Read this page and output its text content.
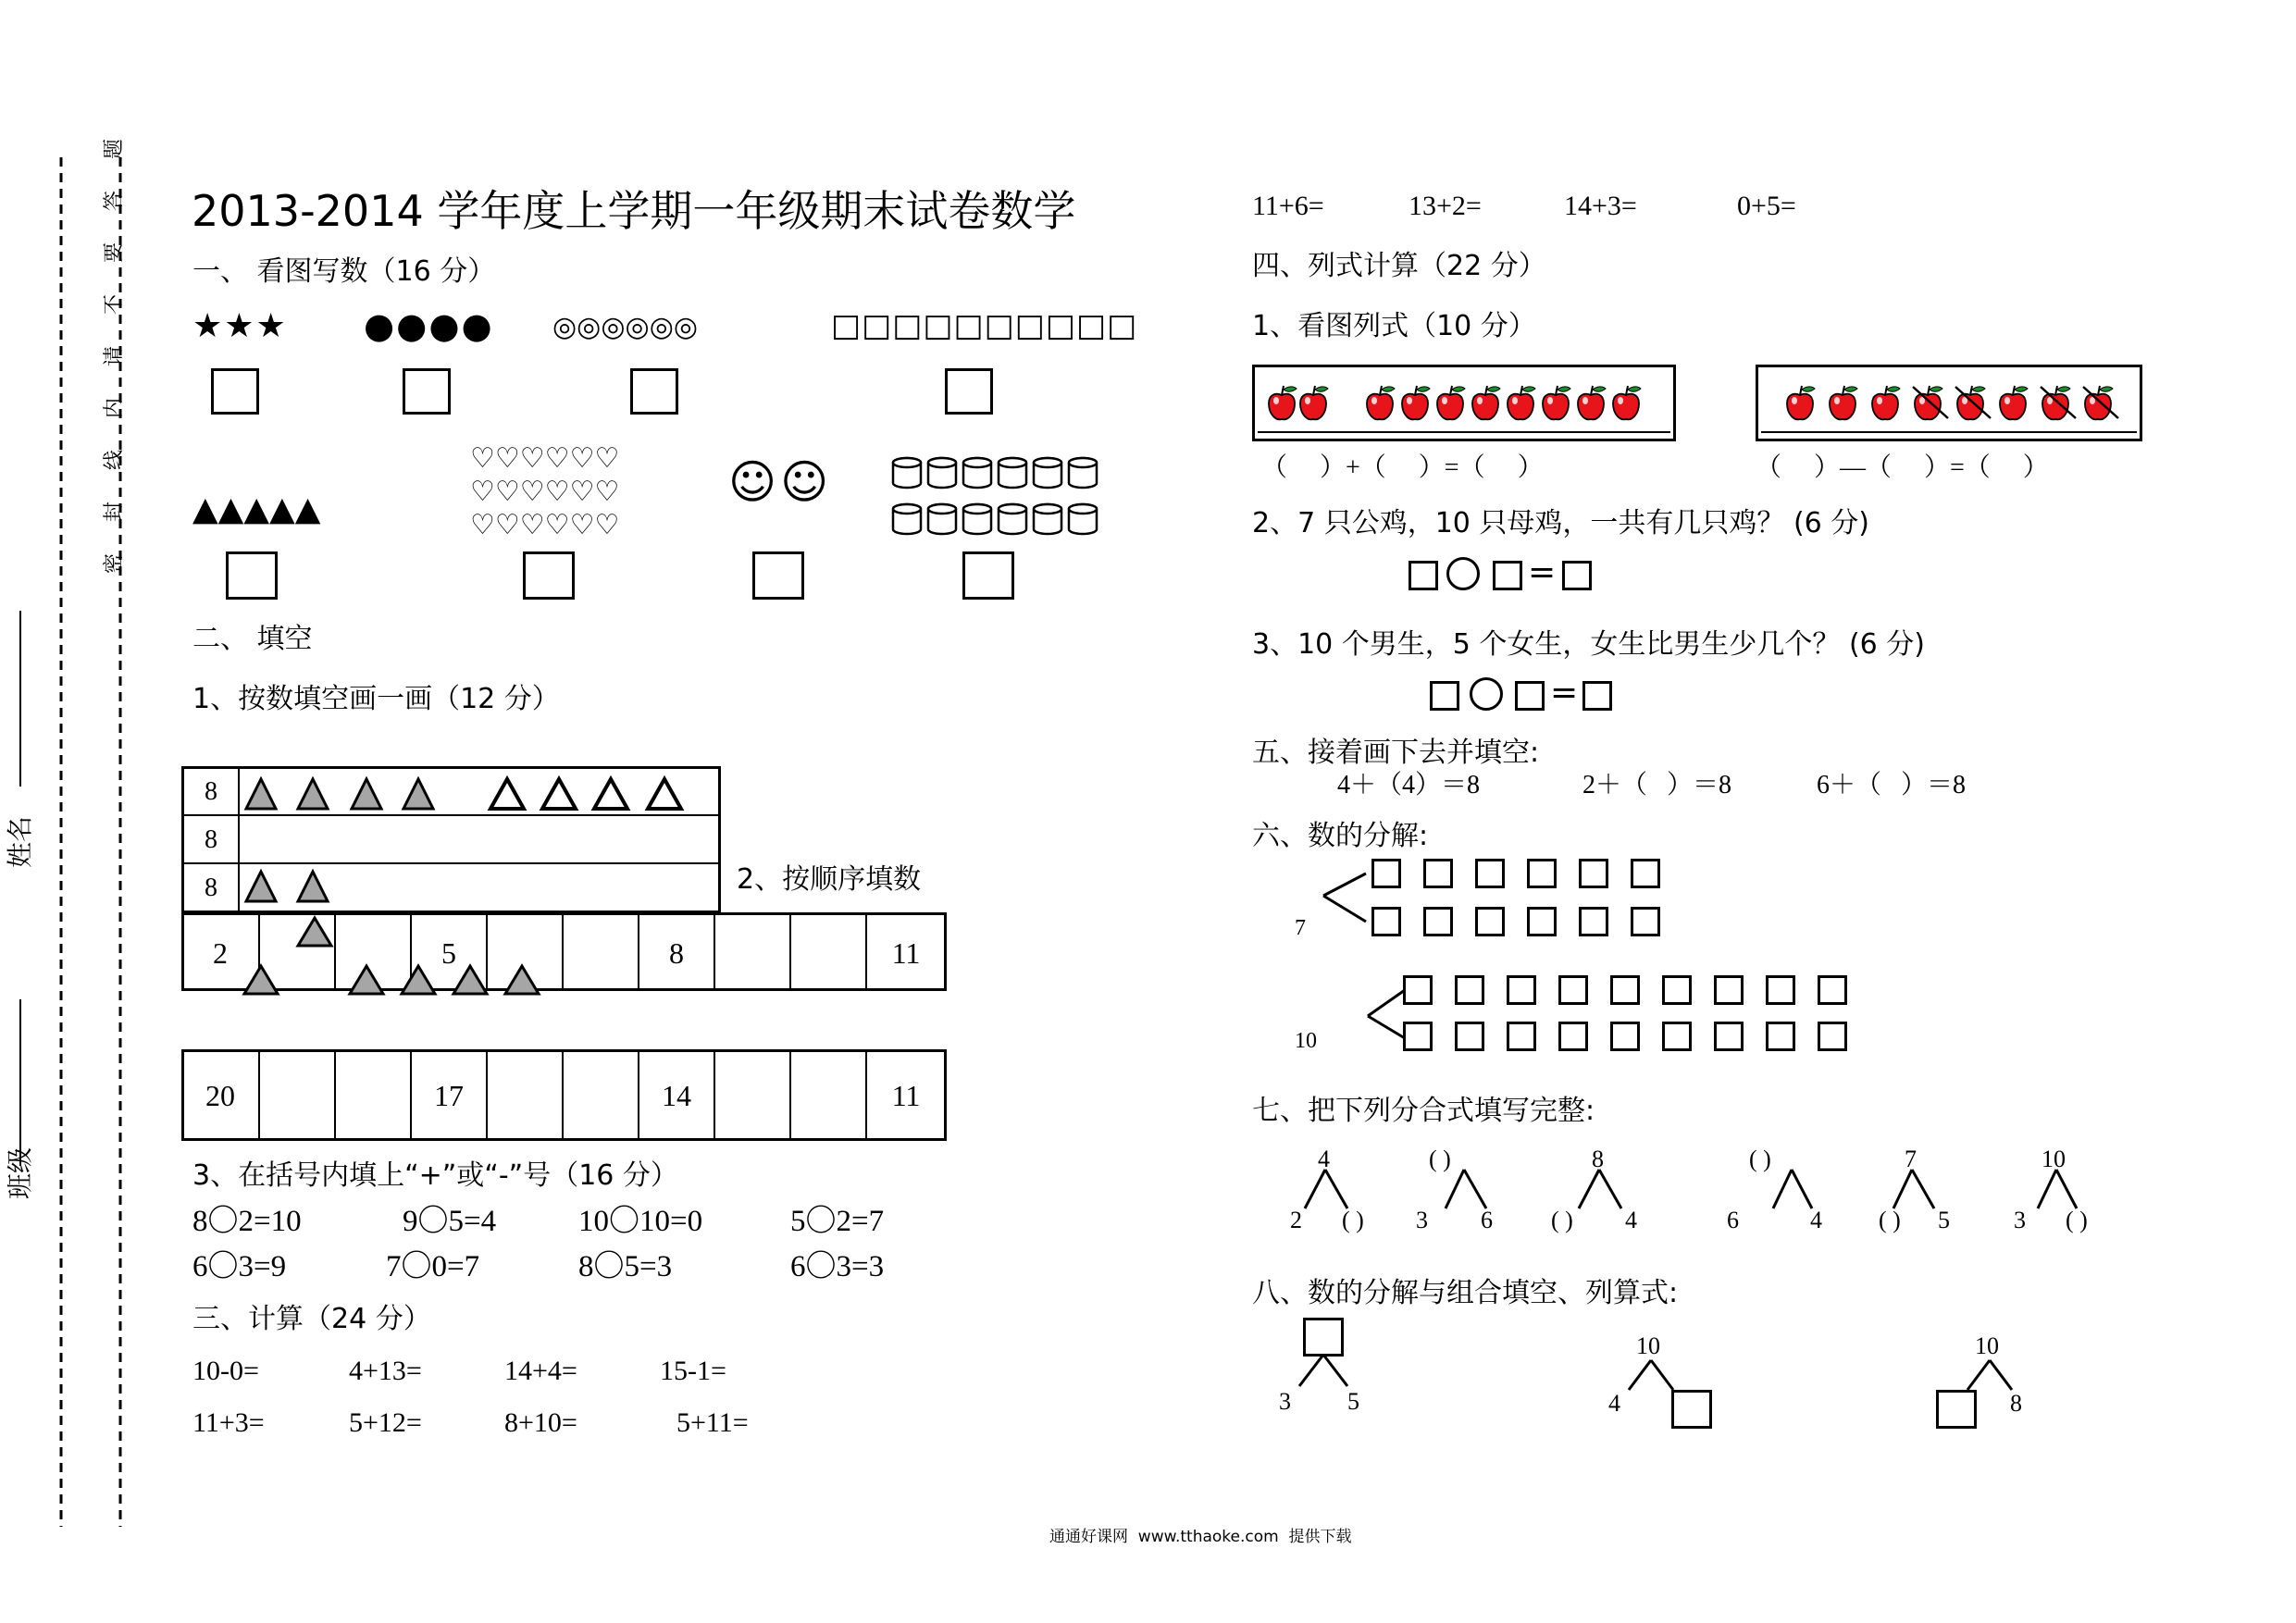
姓名
班级
密
封
线
内
请
不
要
答
题
2013-2014 学年度上学期一年级期末试卷数学
一、 看图写数（16 分）
★★★ ●●●● ◎◎◎◎◎◎	□□□□□□□□□□
▲▲▲▲▲
♡♡♡♡♡♡
♡♡♡♡♡♡
♡♡♡♡♡♡
☺☺
二、 填空
1、按数填空画一画（12 分）
8
8
8	2、按顺序填数
2	5	8	11
20	17	14	11
3、在括号内填上“+”或“-”号（16 分）
8〇2=10	9〇5=4	10〇10=0	5〇2=7
6〇3=9	7〇0=7	8〇5=3	6〇3=3
三、计算（24 分）
10-0=	4+13=	14+4=	15-1=
11+3=	5+12=	8+10=	5+11=
11+6=	13+2=	14+3=	0+5=
四、列式计算（22 分）
1、看图列式（10 分）
（     ）+（     ）=（     ）	（     ）—（     ）=（     ）
2、7 只公鸡，10 只母鸡，一共有几只鸡？ (6 分)
=
3、10 个男生，5 个女生，女生比男生少几个？ (6 分)
=
五、接着画下去并填空:
4＋（4）＝8	2＋（   ）＝8	6＋（   ）＝8
六、数的分解:
7
10
七、把下列分合式填写完整:
4
2 ( )
( )
3 6
8
( ) 4
( )
6	4
7
( ) 5
10
3 ( )
八、数的分解与组合填空、列算式:
3 5
10
4
10
8
通通好课网  www.tthaoke.com  提供下载
